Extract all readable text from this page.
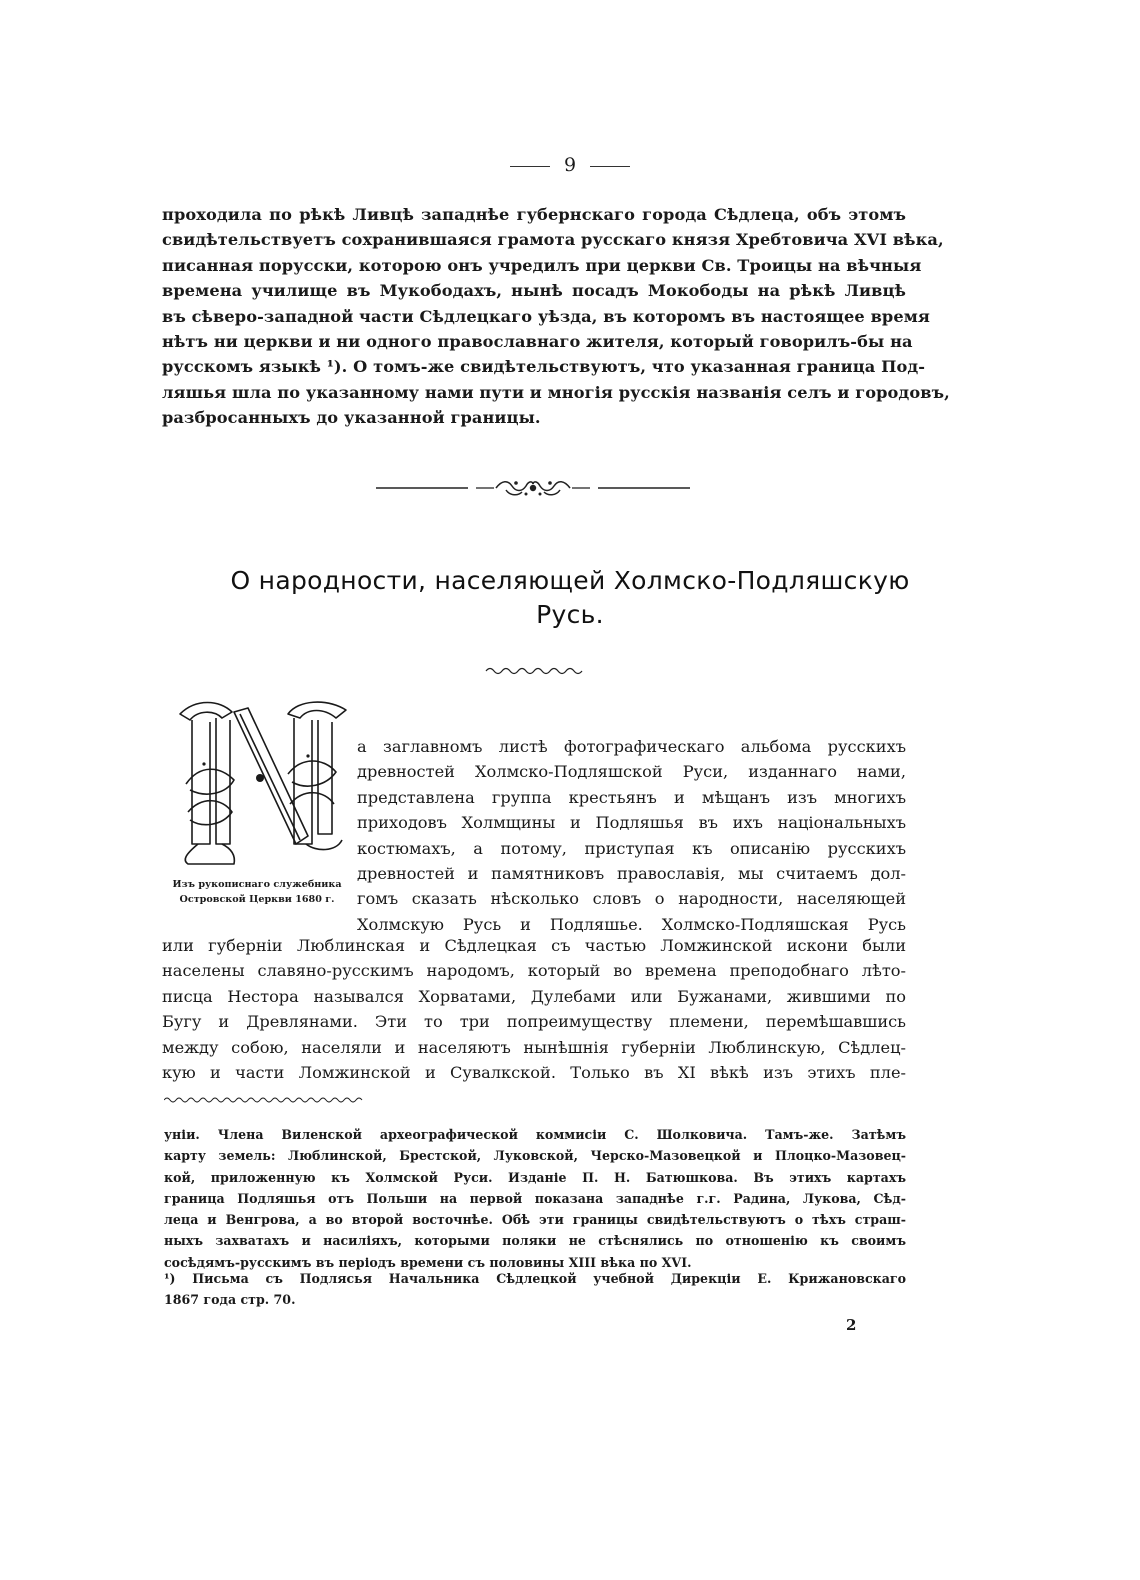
9
проходила по рѣкѣ Ливцѣ западнѣе губернскаго города Сѣдлеца, объ этомъ
свидѣтельствуетъ сохранившаяся грамота русскаго князя Хребтовича XVI вѣка,
писанная порусски, которою онъ учредилъ при церкви Св. Троицы на вѣчныя
времена училище въ Мукободахъ, нынѣ посадъ Мокободы на рѣкѣ Ливцѣ
въ сѣверо-западной части Сѣдлецкаго уѣзда, въ которомъ въ настоящее время
нѣтъ ни церкви и ни одного православнаго жителя, который говорилъ-бы на
русскомъ языкѣ ¹). О томъ-же свидѣтельствуютъ, что указанная граница Под-
ляшья шла по указанному нами пути и многія русскія названія селъ и городовъ,
разбросанныхъ до указанной границы.
О народности, населяющей Холмско-Подляшскую
Русь.
Изъ рукописнаго служебника
Островской Церкви 1680 г.
а заглавномъ листѣ фотографическаго альбома русскихъ
древностей Холмско-Подляшской Руси, изданнаго нами,
представлена группа крестьянъ и мѣщанъ изъ многихъ
приходовъ Холмщины и Подляшья въ ихъ національныхъ
костюмахъ, а потому, приступая къ описанію русскихъ
древностей и памятниковъ православія, мы считаемъ дол-
гомъ сказать нѣсколько словъ о народности, населяющей
Холмскую Русь и Подляшье. Холмско-Подляшская Русь
или губерніи Люблинская и Сѣдлецкая съ частью Ломжинской искони были
населены славяно-русскимъ народомъ, который во времена преподобнаго лѣто-
писца Нестора назывался Хорватами, Дулебами или Бужанами, жившими по
Бугу и Древлянами. Эти то три попреимуществу племени, перемѣшавшись
между собою, населяли и населяютъ нынѣшнія губерніи Люблинскую, Сѣдлец-
кую и части Ломжинской и Сувалкской. Только въ XI вѣкѣ изъ этихъ пле-
уніи. Члена Виленской археографической коммисіи С. Шолковича. Тамъ-же. Затѣмъ
карту земель: Люблинской, Брестской, Луковской, Черско-Мазовецкой и Плоцко-Мазовец-
кой, приложенную къ Холмской Руси. Изданіе П. Н. Батюшкова. Въ этихъ картахъ
граница Подляшья отъ Польши на первой показана западнѣе г.г. Радина, Лукова, Сѣд-
леца и Венгрова, а во второй восточнѣе. Обѣ эти границы свидѣтельствуютъ о тѣхъ страш-
ныхъ захватахъ и насиліяхъ, которыми поляки не стѣснялись по отношенію къ своимъ
сосѣдямъ-русскимъ въ періодъ времени съ половины XIII вѣка по XVI.
¹) Письма съ Подлясья Начальника Сѣдлецкой учебной Дирекціи Е. Крижановскаго
1867 года стр. 70.
2
